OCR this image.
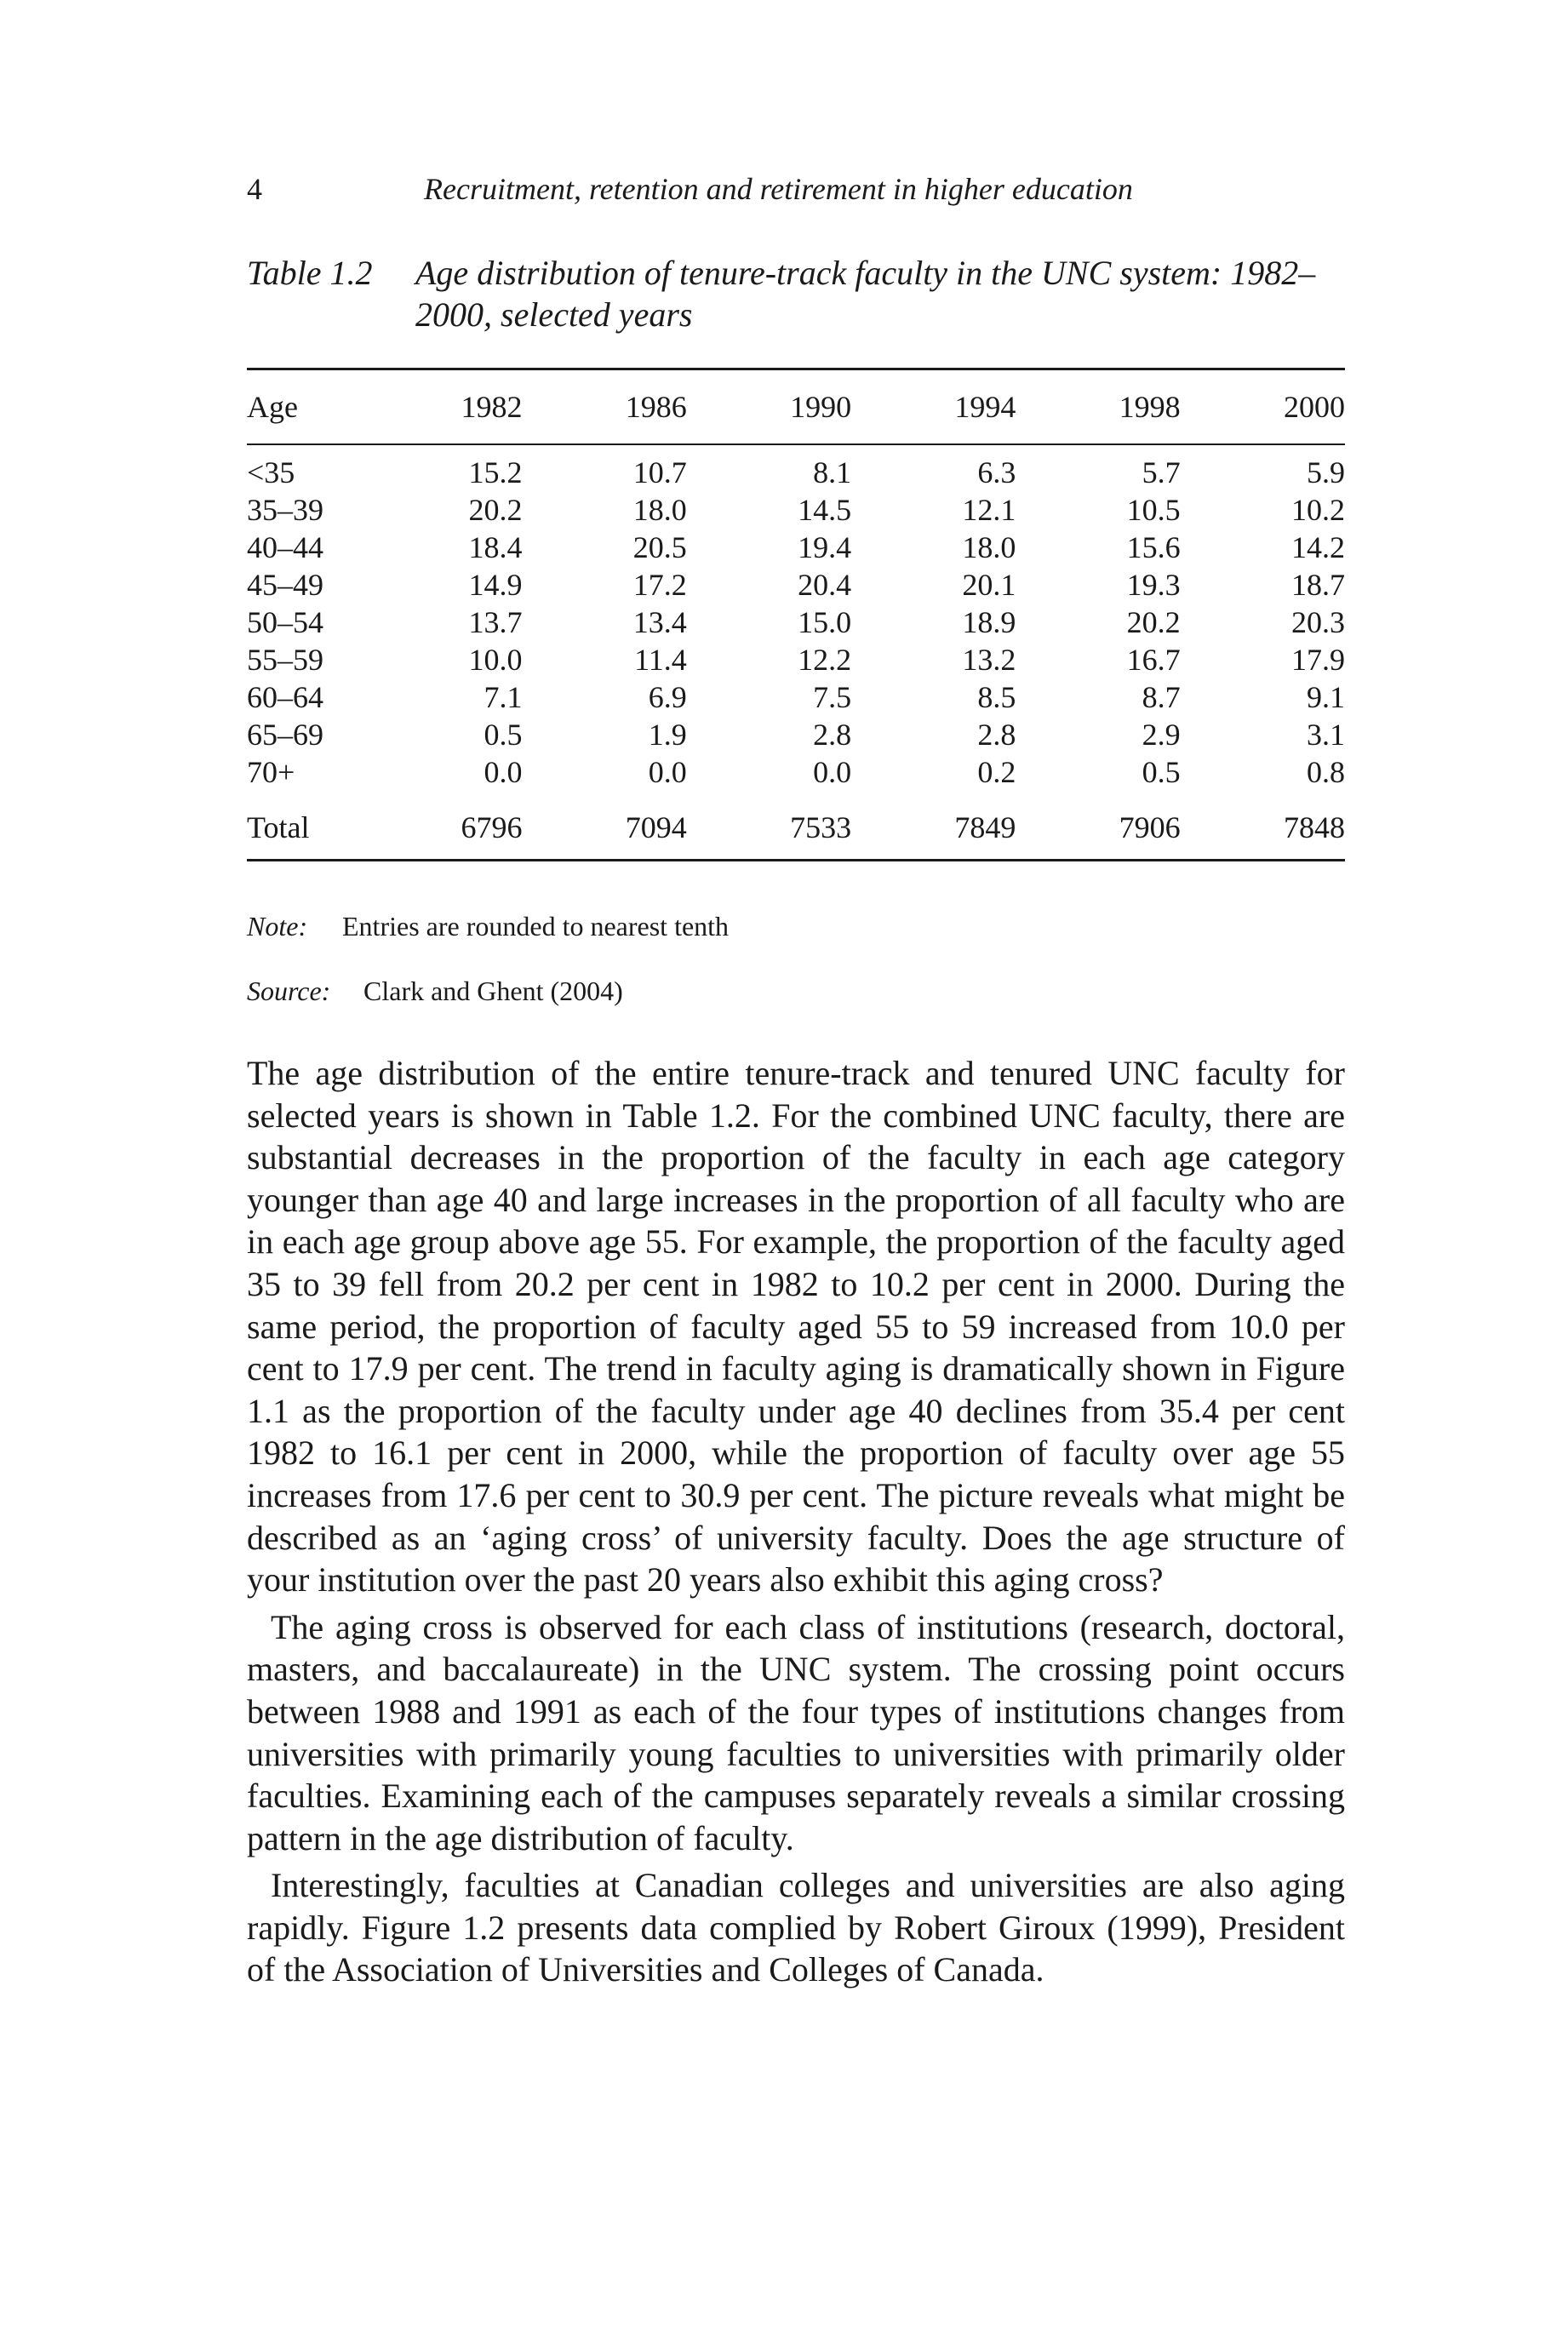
4	Recruitment, retention and retirement in higher education
Table 1.2 Age distribution of tenure-track faculty in the UNC system: 1982–2000, selected years
Age	1982	1986	1990	1994	1998	2000
<35	15.2	10.7	8.1	6.3	5.7	5.9
35–39	20.2	18.0	14.5	12.1	10.5	10.2
40–44	18.4	20.5	19.4	18.0	15.6	14.2
45–49	14.9	17.2	20.4	20.1	19.3	18.7
50–54	13.7	13.4	15.0	18.9	20.2	20.3
55–59	10.0	11.4	12.2	13.2	16.7	17.9
60–64	7.1	6.9	7.5	8.5	8.7	9.1
65–69	0.5	1.9	2.8	2.8	2.9	3.1
70+	0.0	0.0	0.0	0.2	0.5	0.8
Total	6796	7094	7533	7849	7906	7848
Note: Entries are rounded to nearest tenth
Source: Clark and Ghent (2004)

The age distribution of the entire tenure-track and tenured UNC faculty for selected years is shown in Table 1.2. For the combined UNC faculty, there are substantial decreases in the proportion of the faculty in each age category younger than age 40 and large increases in the proportion of all faculty who are in each age group above age 55. For example, the proportion of the faculty aged 35 to 39 fell from 20.2 per cent in 1982 to 10.2 per cent in 2000. During the same period, the proportion of faculty aged 55 to 59 increased from 10.0 per cent to 17.9 per cent. The trend in faculty aging is dramatically shown in Figure 1.1 as the proportion of the faculty under age 40 declines from 35.4 per cent 1982 to 16.1 per cent in 2000, while the proportion of faculty over age 55 increases from 17.6 per cent to 30.9 per cent. The picture reveals what might be described as an ‘aging cross’ of university faculty. Does the age structure of your institution over the past 20 years also exhibit this aging cross?

The aging cross is observed for each class of institutions (research, doctoral, masters, and baccalaureate) in the UNC system. The crossing point occurs between 1988 and 1991 as each of the four types of institutions changes from universities with primarily young faculties to universities with primarily older faculties. Examining each of the campuses separately reveals a similar crossing pattern in the age distribution of faculty.

Interestingly, faculties at Canadian colleges and universities are also aging rapidly. Figure 1.2 presents data complied by Robert Giroux (1999), President of the Association of Universities and Colleges of Canada.
